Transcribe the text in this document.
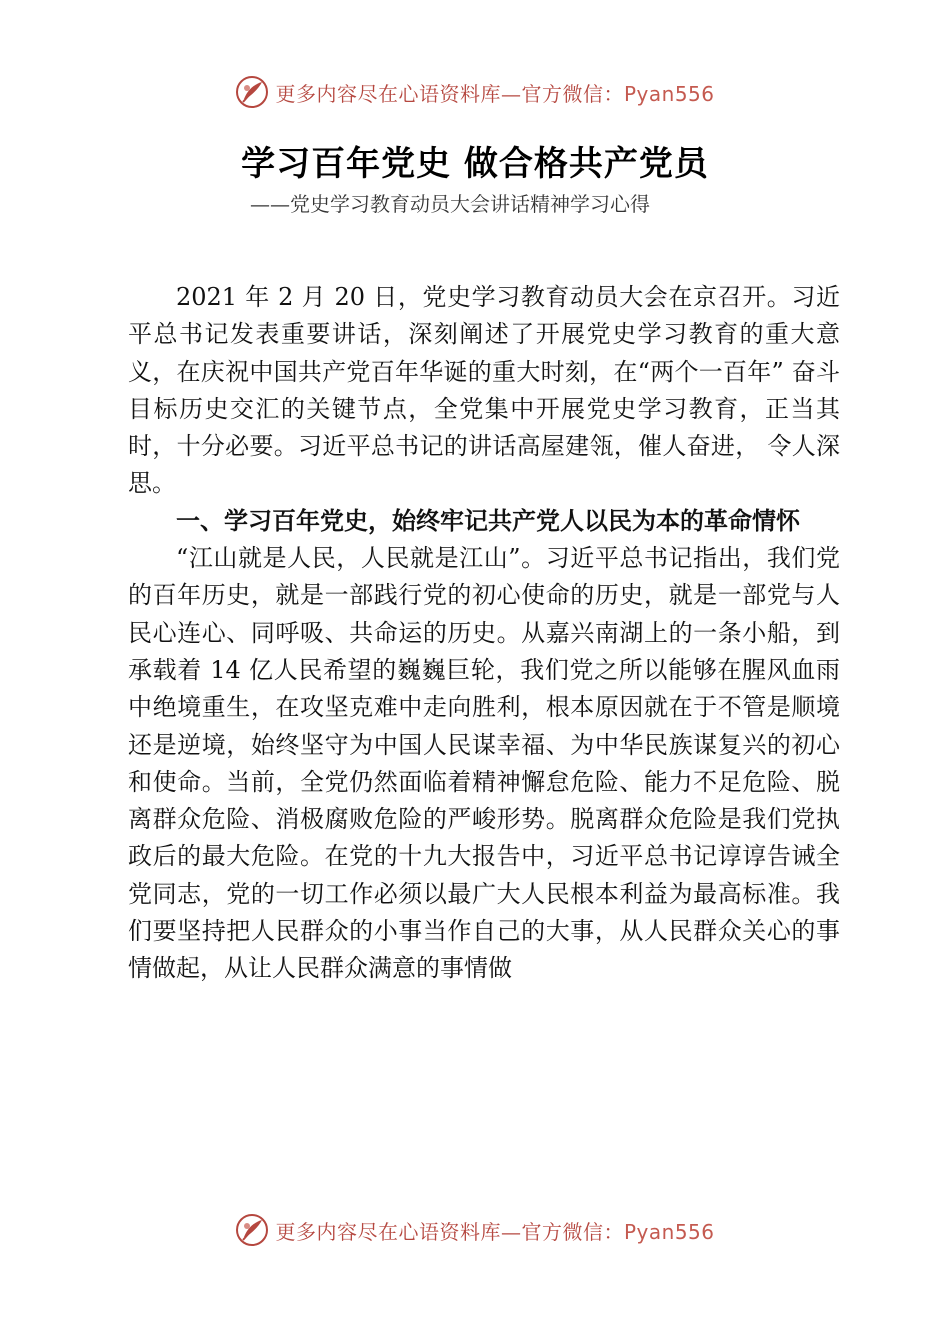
更多内容尽在心语资料库—官方微信：Pyan556
学习百年党史 做合格共产党员
——党史学习教育动员大会讲话精神学习心得

2021 年 2 月 20 日，党史学习教育动员大会在京召开。习近平总书记发表重要讲话，深刻阐述了开展党史学习教育的重大意义，在庆祝中国共产党百年华诞的重大时刻，在“两个一百年” 奋斗目标历史交汇的关键节点，全党集中开展党史学习教育，正当其时，十分必要。习近平总书记的讲话高屋建瓴，催人奋进， 令人深思。

一、学习百年党史，始终牢记共产党人以民为本的革命情怀

“江山就是人民，人民就是江山”。习近平总书记指出，我们党的百年历史，就是一部践行党的初心使命的历史，就是一部党与人民心连心、同呼吸、共命运的历史。从嘉兴南湖上的一条小船，到承载着 14 亿人民希望的巍巍巨轮，我们党之所以能够在腥风血雨中绝境重生，在攻坚克难中走向胜利，根本原因就在于不管是顺境还是逆境，始终坚守为中国人民谋幸福、为中华民族谋复兴的初心和使命。当前，全党仍然面临着精神懈怠危险、能力不足危险、脱离群众危险、消极腐败危险的严峻形势。脱离群众危险是我们党执政后的最大危险。在党的十九大报告中，习近平总书记谆谆告诫全党同志，党的一切工作必须以最广大人民根本利益为最高标准。我们要坚持把人民群众的小事当作自己的大事，从人民群众关心的事情做起，从让人民群众满意的事情做

更多内容尽在心语资料库—官方微信：Pyan556
